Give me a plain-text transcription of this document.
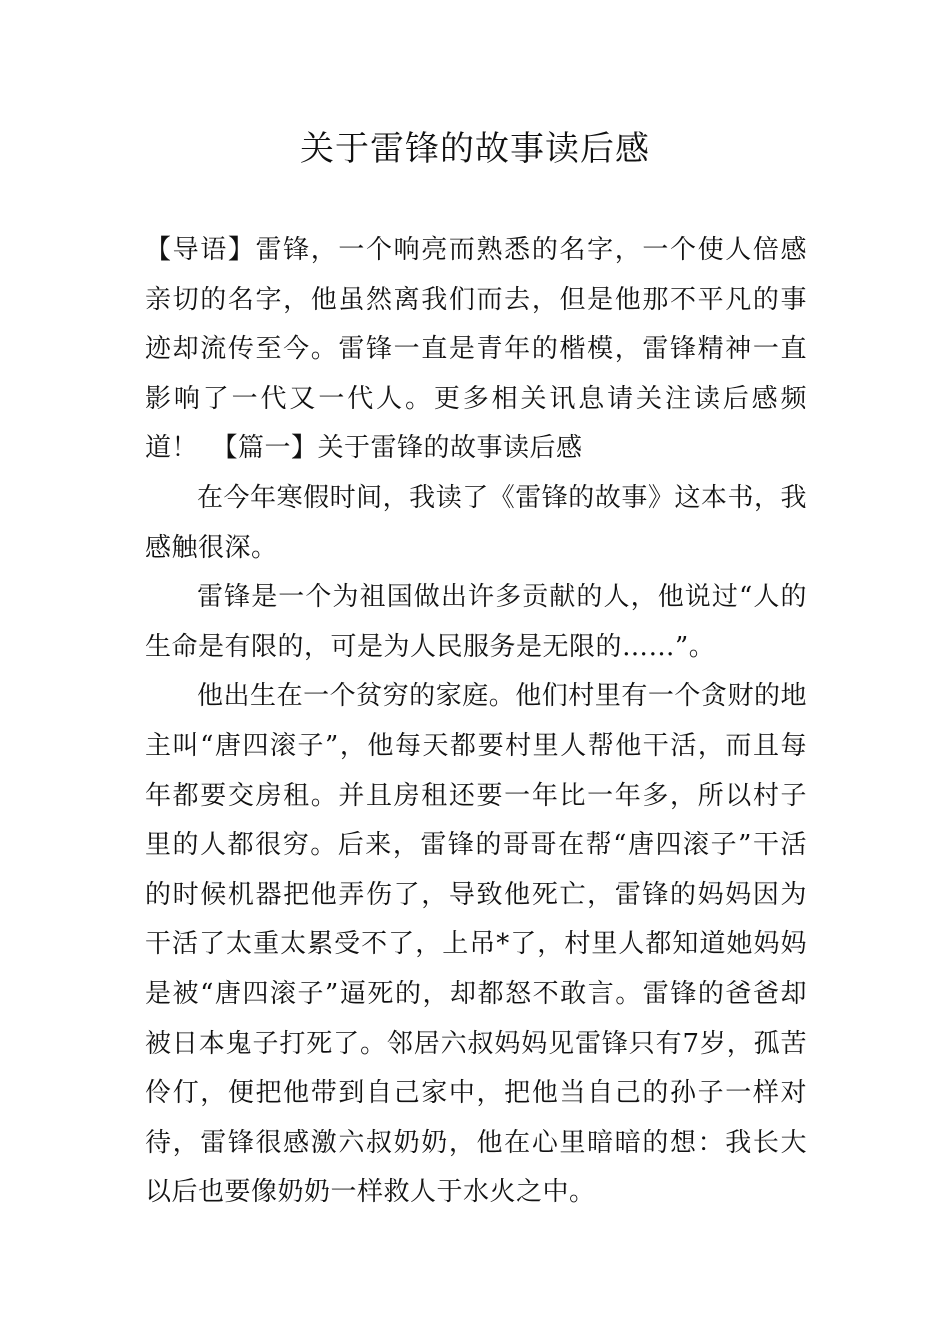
关于雷锋的故事读后感

【导语】雷锋，一个响亮而熟悉的名字，一个使人倍感亲切的名字，他虽然离我们而去，但是他那不平凡的事迹却流传至今。雷锋一直是青年的楷模，雷锋精神一直影响了一代又一代人。更多相关讯息请关注读后感频道！　【篇一】关于雷锋的故事读后感

在今年寒假时间，我读了《雷锋的故事》这本书，我感触很深。

雷锋是一个为祖国做出许多贡献的人，他说过“人的生命是有限的，可是为人民服务是无限的……”。

他出生在一个贫穷的家庭。他们村里有一个贪财的地主叫“唐四滚子”，他每天都要村里人帮他干活，而且每年都要交房租。并且房租还要一年比一年多，所以村子里的人都很穷。后来，雷锋的哥哥在帮“唐四滚子”干活的时候机器把他弄伤了，导致他死亡，雷锋的妈妈因为干活了太重太累受不了，上吊*了，村里人都知道她妈妈是被“唐四滚子”逼死的，却都怒不敢言。雷锋的爸爸却被日本鬼子打死了。邻居六叔妈妈见雷锋只有7岁，孤苦伶仃，便把他带到自己家中，把他当自己的孙子一样对待，雷锋很感激六叔奶奶，他在心里暗暗的想：我长大以后也要像奶奶一样救人于水火之中。
